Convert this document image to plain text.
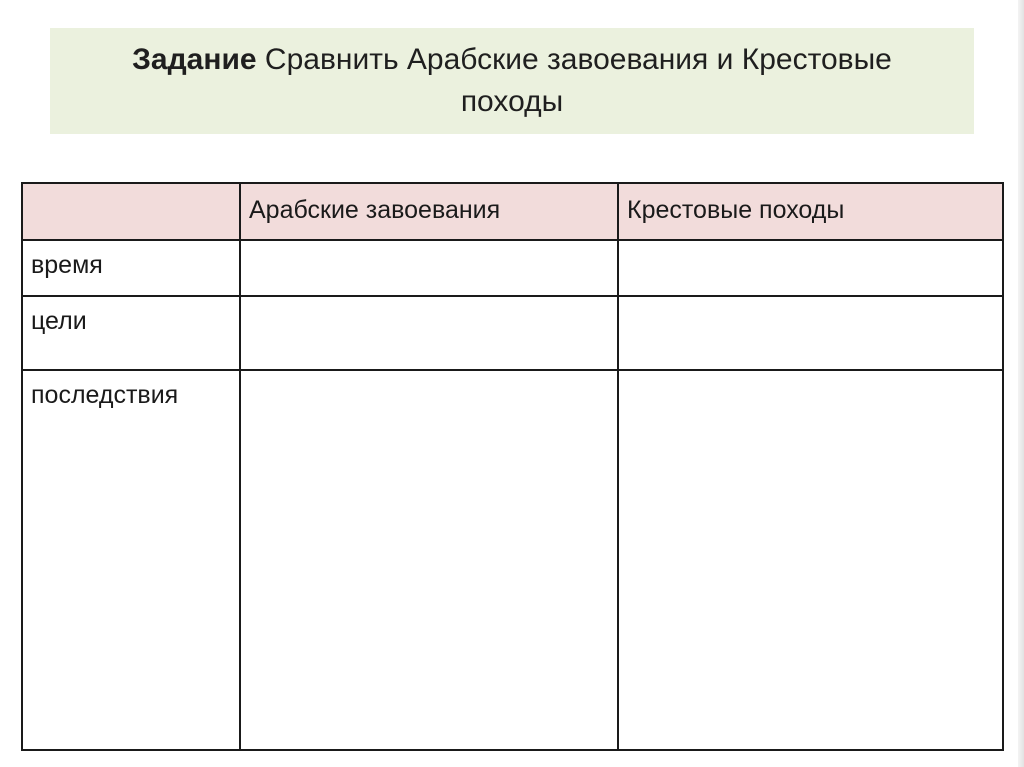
Задание Сравнить Арабские завоевания и Крестовые походы

	Арабские завоевания	Крестовые походы
время		
цели		
последствия		
